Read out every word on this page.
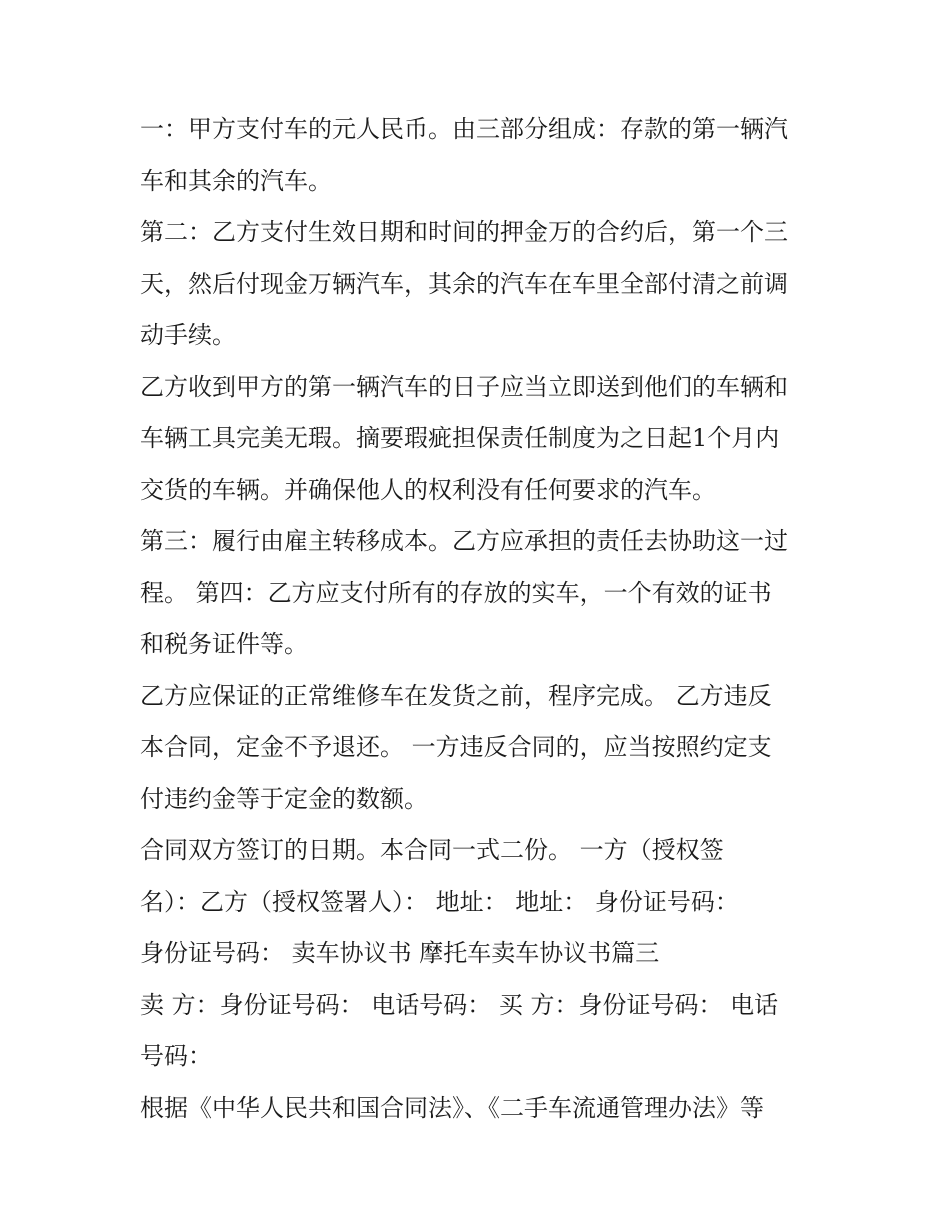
一：甲方支付车的元人民币。由三部分组成：存款的第一辆汽
车和其余的汽车。

第二：乙方支付生效日期和时间的押金万的合约后，第一个三
天，然后付现金万辆汽车，其余的汽车在车里全部付清之前调
动手续。

乙方收到甲方的第一辆汽车的日子应当立即送到他们的车辆和
车辆工具完美无瑕。摘要瑕疵担保责任制度为之日起1个月内
交货的车辆。并确保他人的权利没有任何要求的汽车。

第三：履行由雇主转移成本。乙方应承担的责任去协助这一过
程。 第四：乙方应支付所有的存放的实车，一个有效的证书
和税务证件等。

乙方应保证的正常维修车在发货之前，程序完成。 乙方违反
本合同，定金不予退还。 一方违反合同的，应当按照约定支
付违约金等于定金的数额。

合同双方签订的日期。本合同一式二份。 一方（授权签
名）：乙方（授权签署人）： 地址： 地址： 身份证号码：
身份证号码： 卖车协议书 摩托车卖车协议书篇三

卖 方：身份证号码： 电话号码： 买 方：身份证号码： 电话
号码：

根据《中华人民共和国合同法》、《二手车流通管理办法》等
